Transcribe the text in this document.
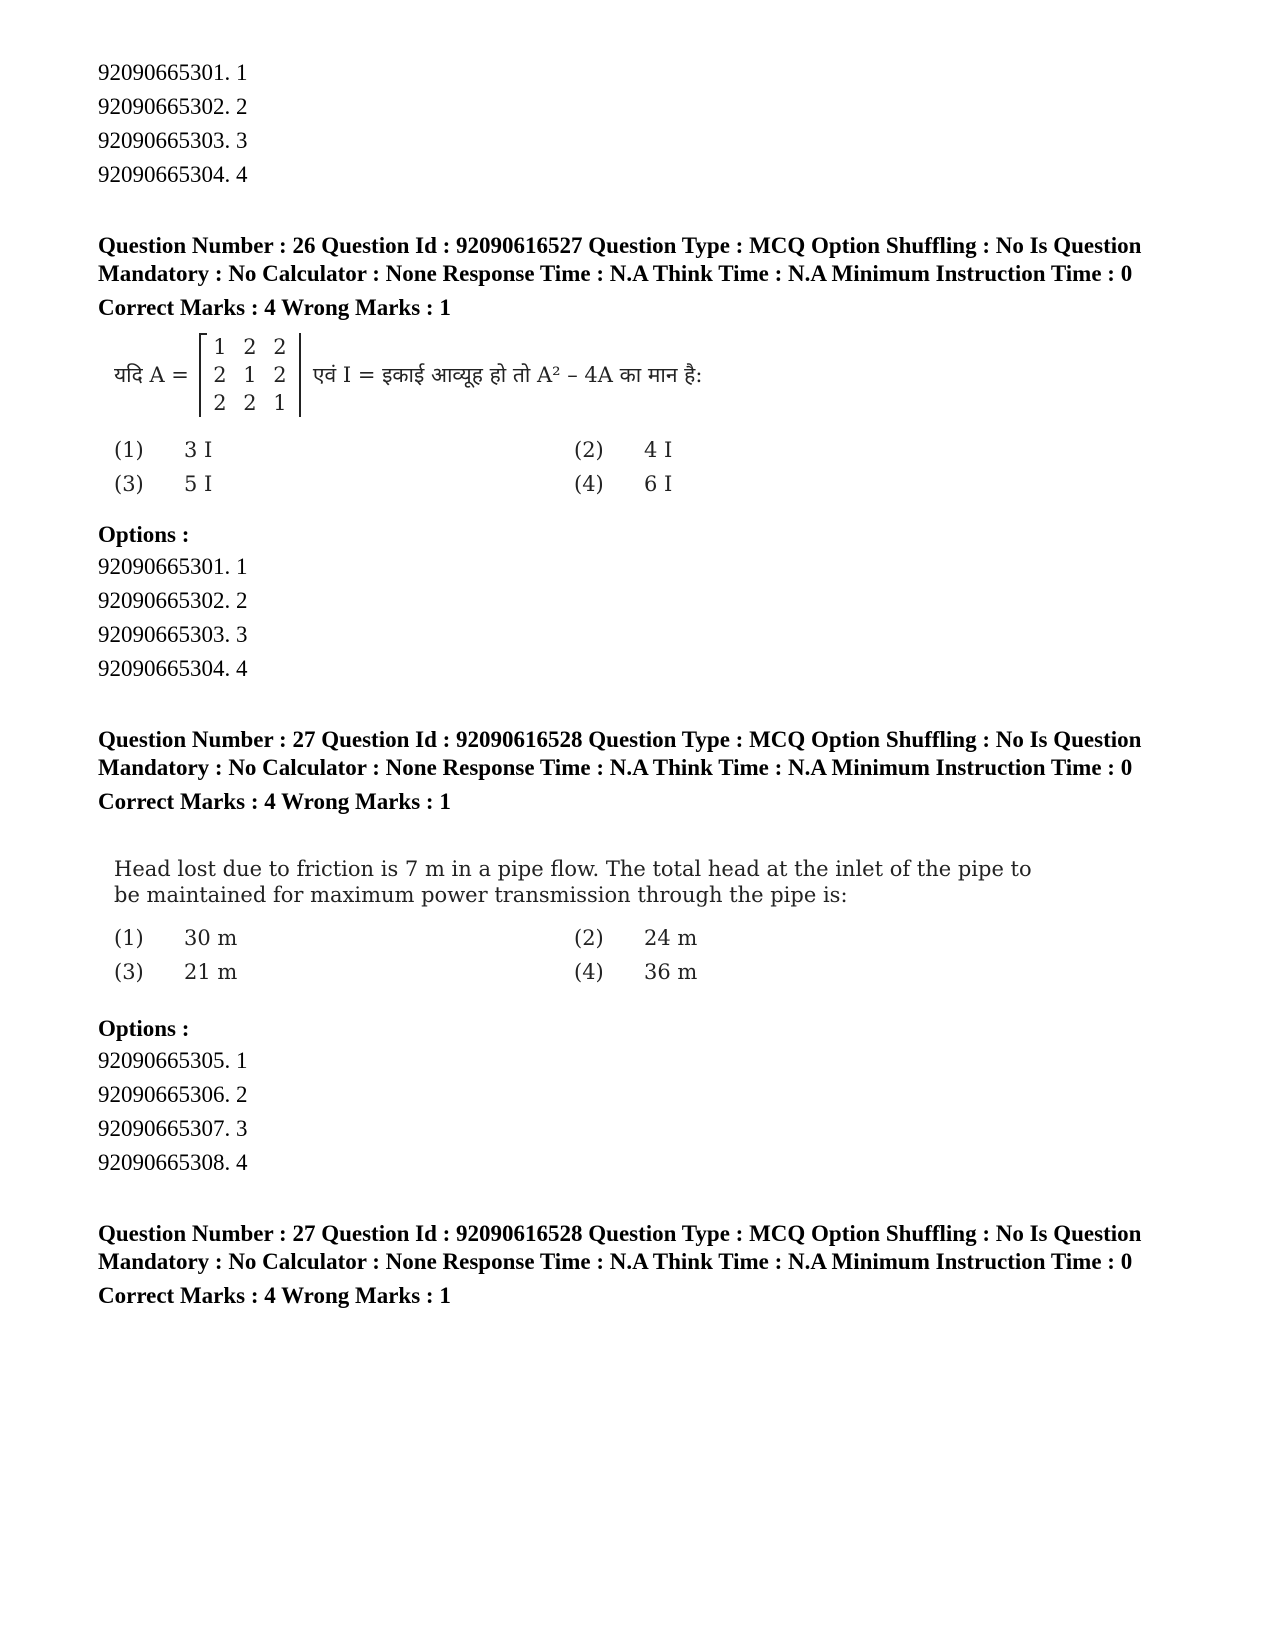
92090665301. 1
92090665302. 2
92090665303. 3
92090665304. 4

Question Number : 26 Question Id : 92090616527 Question Type : MCQ Option Shuffling : No Is Question Mandatory : No Calculator : None Response Time : N.A Think Time : N.A Minimum Instruction Time : 0

Correct Marks : 4 Wrong Marks : 1
यदि A =
1 2 2
2 1 2
2 2 1
एवं I = इकाई आव्यूह हो तो A² – 4A का मान है:
(1)	3 I	(2)	4 I
(3)	5 I	(4)	6 I
Options :
92090665301. 1
92090665302. 2
92090665303. 3
92090665304. 4

Question Number : 27 Question Id : 92090616528 Question Type : MCQ Option Shuffling : No Is Question Mandatory : No Calculator : None Response Time : N.A Think Time : N.A Minimum Instruction Time : 0

Correct Marks : 4 Wrong Marks : 1
Head lost due to friction is 7 m in a pipe flow. The total head at the inlet of the pipe to be maintained for maximum power transmission through the pipe is:
(1)	30 m	(2)	24 m
(3)	21 m	(4)	36 m
Options :
92090665305. 1
92090665306. 2
92090665307. 3
92090665308. 4

Question Number : 27 Question Id : 92090616528 Question Type : MCQ Option Shuffling : No Is Question Mandatory : No Calculator : None Response Time : N.A Think Time : N.A Minimum Instruction Time : 0

Correct Marks : 4 Wrong Marks : 1
